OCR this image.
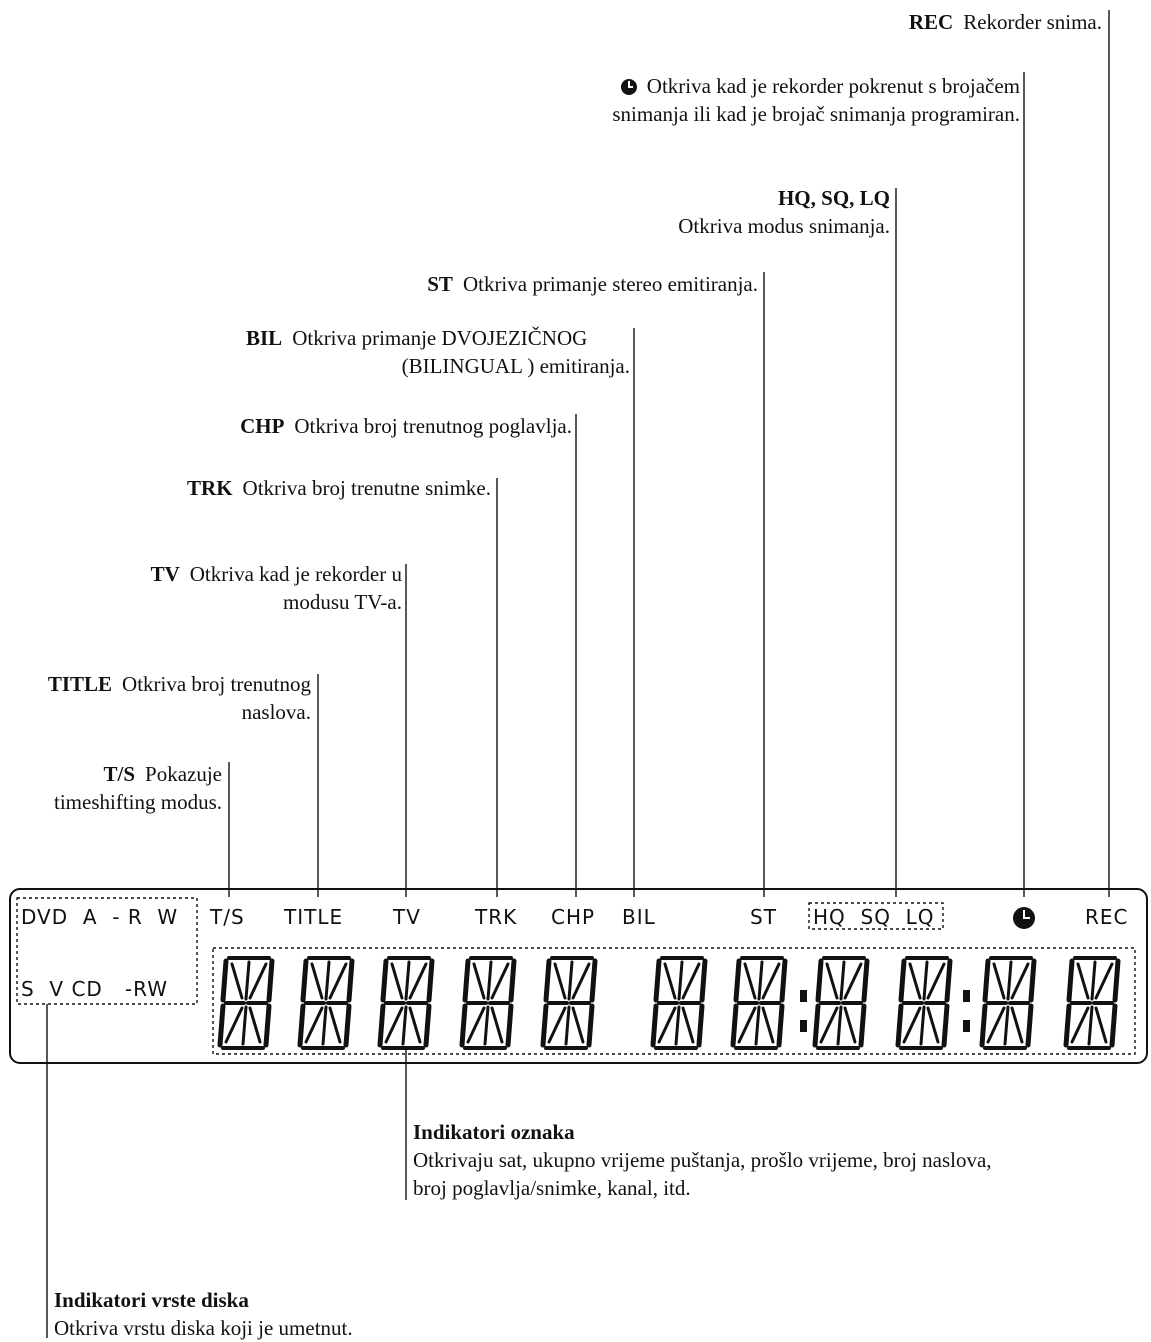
REC Rekorder snima.
Otkriva kad je rekorder pokrenut s brojačem
snimanja ili kad je brojač snimanja programiran.
HQ, SQ, LQ
Otkriva modus snimanja.
ST Otkriva primanje stereo emitiranja.
BIL Otkriva primanje DVOJEZIČNOG
(BILINGUAL ) emitiranja.
CHP Otkriva broj trenutnog poglavlja.
TRK Otkriva broj trenutne snimke.
TV Otkriva kad je rekorder u
modusu TV-a.
TITLE Otkriva broj trenutnog
naslova.
T/S Pokazuje
timeshifting modus.
DVD  A  - R  W
S  V CD   -RW
T/S TITLE TV	TRK CHP BIL	ST HQ  SQ  LQ	REC
Indikatori oznaka
Otkrivaju sat, ukupno vrijeme puštanja, prošlo vrijeme, broj naslova,
broj poglavlja/snimke, kanal, itd.
Indikatori vrste diska
Otkriva vrstu diska koji je umetnut.
